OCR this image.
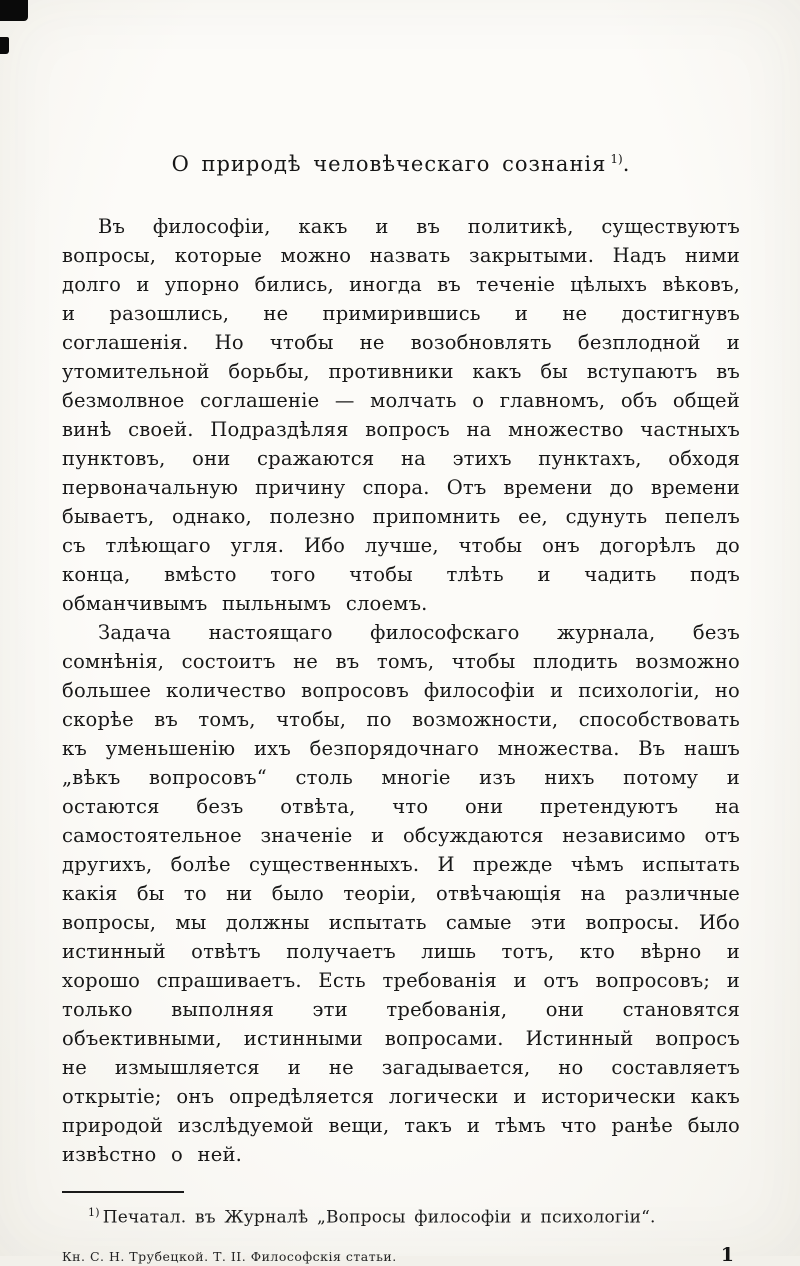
О природѣ человѣческаго сознанія $^{1)}$.

Въ философіи, какъ и въ политикѣ, существуютъ вопросы, которые можно назвать закрытыми. Надъ ними долго и упорно бились, иногда въ теченіе цѣлыхъ вѣковъ, и разошлись, не примирившись и не достигнувъ соглашенія. Но чтобы не возобновлять безплодной и утомительной борьбы, противники какъ бы вступаютъ въ безмолвное соглашеніе — молчать о главномъ, объ общей винѣ своей. Подраздѣляя вопросъ на множество частныхъ пунктовъ, они сражаются на этихъ пунктахъ, обходя первоначальную причину спора. Отъ времени до времени бываетъ, однако, полезно припомнить ее, сдунуть пепелъ съ тлѣющаго угля. Ибо лучше, чтобы онъ догорѣлъ до конца, вмѣсто того чтобы тлѣть и чадить подъ обманчивымъ пыльнымъ слоемъ.

Задача настоящаго философскаго журнала, безъ сомнѣнія, состоитъ не въ томъ, чтобы плодить возможно большее количество вопросовъ философіи и психологіи, но скорѣе въ томъ, чтобы, по возможности, способствовать къ уменьшенію ихъ безпорядочнаго множества. Въ нашъ „вѣкъ вопросовъ“ столь многіе изъ нихъ потому и остаются безъ отвѣта, что они претендуютъ на самостоятельное значеніе и обсуждаются независимо отъ другихъ, болѣе существенныхъ. И прежде чѣмъ испытать какія бы то ни было теоріи, отвѣчающія на различные вопросы, мы должны испытать самые эти вопросы. Ибо истинный отвѣтъ получаетъ лишь тотъ, кто вѣрно и хорошо спрашиваетъ. Есть требованія и отъ вопросовъ; и только выполняя эти требованія, они становятся объективными, истинными вопросами. Истинный вопросъ не измышляется и не загадывается, но составляетъ открытіе; онъ опредѣляется логически и исторически какъ природой изслѣдуемой вещи, такъ и тѣмъ что ранѣе было извѣстно о ней.

$^{1)}$ Печатал. въ Журналѣ „Вопросы философіи и психологіи“.
Кн. С. Н. Трубецкой. Т. II. Философскія статьи.	1
